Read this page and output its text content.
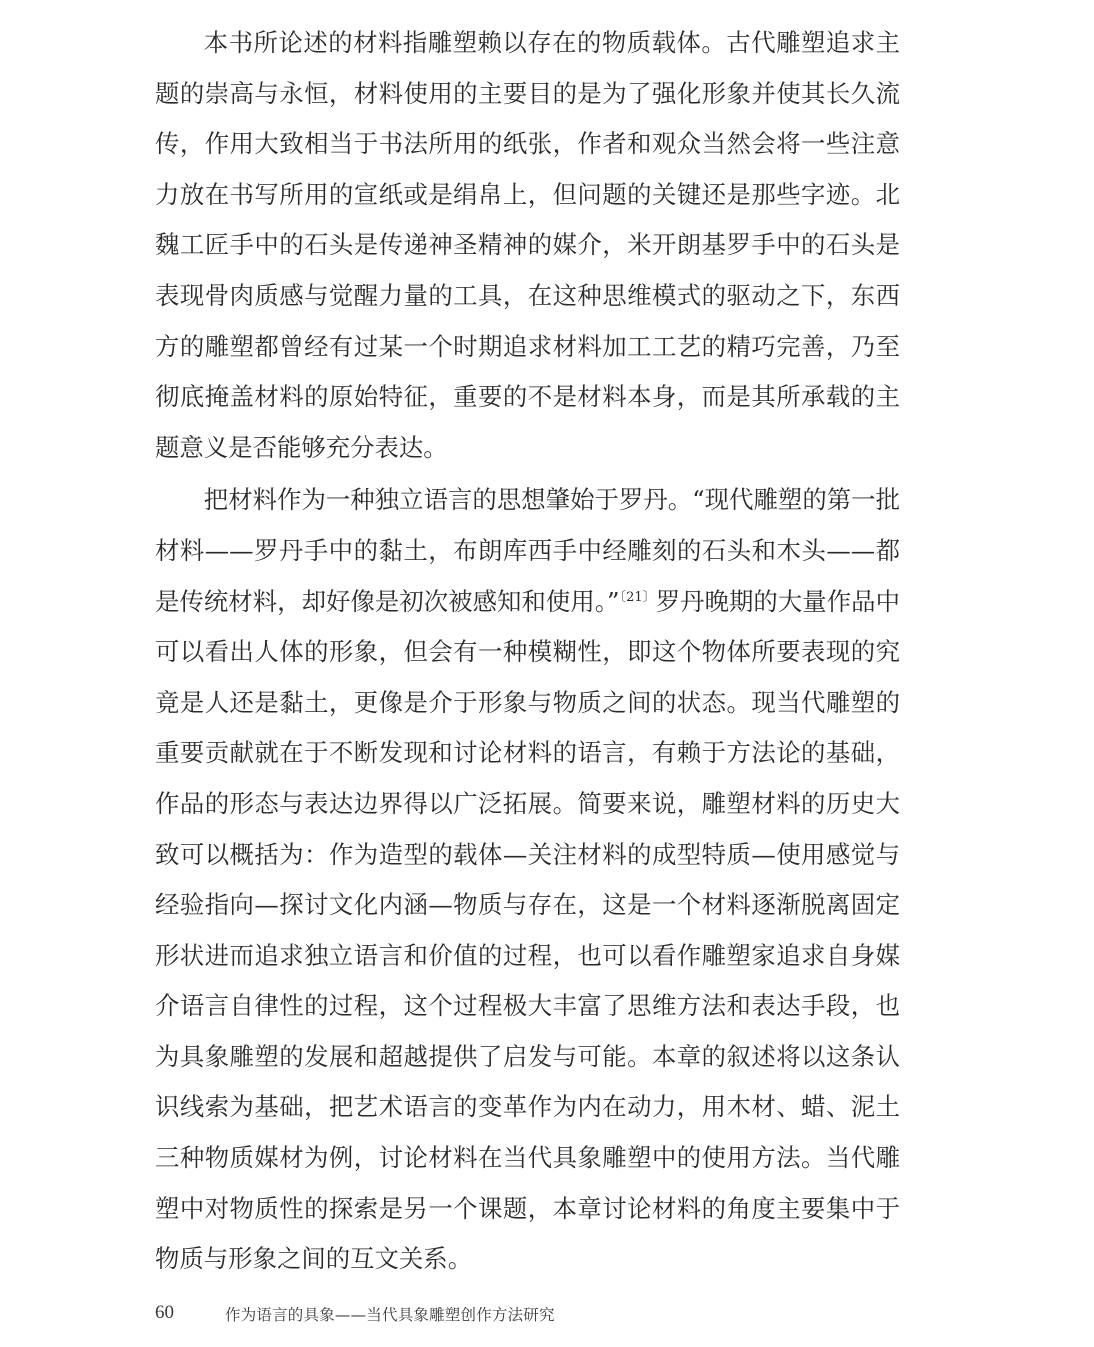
本书所论述的材料指雕塑赖以存在的物质载体。古代雕塑追求主题的崇高与永恒，材料使用的主要目的是为了强化形象并使其长久流传，作用大致相当于书法所用的纸张，作者和观众当然会将一些注意力放在书写所用的宣纸或是绢帛上，但问题的关键还是那些字迹。北魏工匠手中的石头是传递神圣精神的媒介，米开朗基罗手中的石头是表现骨肉质感与觉醒力量的工具，在这种思维模式的驱动之下，东西方的雕塑都曾经有过某一个时期追求材料加工工艺的精巧完善，乃至彻底掩盖材料的原始特征，重要的不是材料本身，而是其所承载的主题意义是否能够充分表达。

把材料作为一种独立语言的思想肇始于罗丹。“现代雕塑的第一批材料——罗丹手中的黏土，布朗库西手中经雕刻的石头和木头——都是传统材料，却好像是初次被感知和使用。”$^{〔21〕}$罗丹晚期的大量作品中可以看出人体的形象，但会有一种模糊性，即这个物体所要表现的究竟是人还是黏土，更像是介于形象与物质之间的状态。现当代雕塑的重要贡献就在于不断发现和讨论材料的语言，有赖于方法论的基础，作品的形态与表达边界得以广泛拓展。简要来说，雕塑材料的历史大致可以概括为：作为造型的载体—关注材料的成型特质—使用感觉与经验指向—探讨文化内涵—物质与存在，这是一个材料逐渐脱离固定形状进而追求独立语言和价值的过程，也可以看作雕塑家追求自身媒介语言自律性的过程，这个过程极大丰富了思维方法和表达手段，也为具象雕塑的发展和超越提供了启发与可能。本章的叙述将以这条认识线索为基础，把艺术语言的变革作为内在动力，用木材、蜡、泥土三种物质媒材为例，讨论材料在当代具象雕塑中的使用方法。当代雕塑中对物质性的探索是另一个课题，本章讨论材料的角度主要集中于物质与形象之间的互文关系。

60	作为语言的具象——当代具象雕塑创作方法研究
